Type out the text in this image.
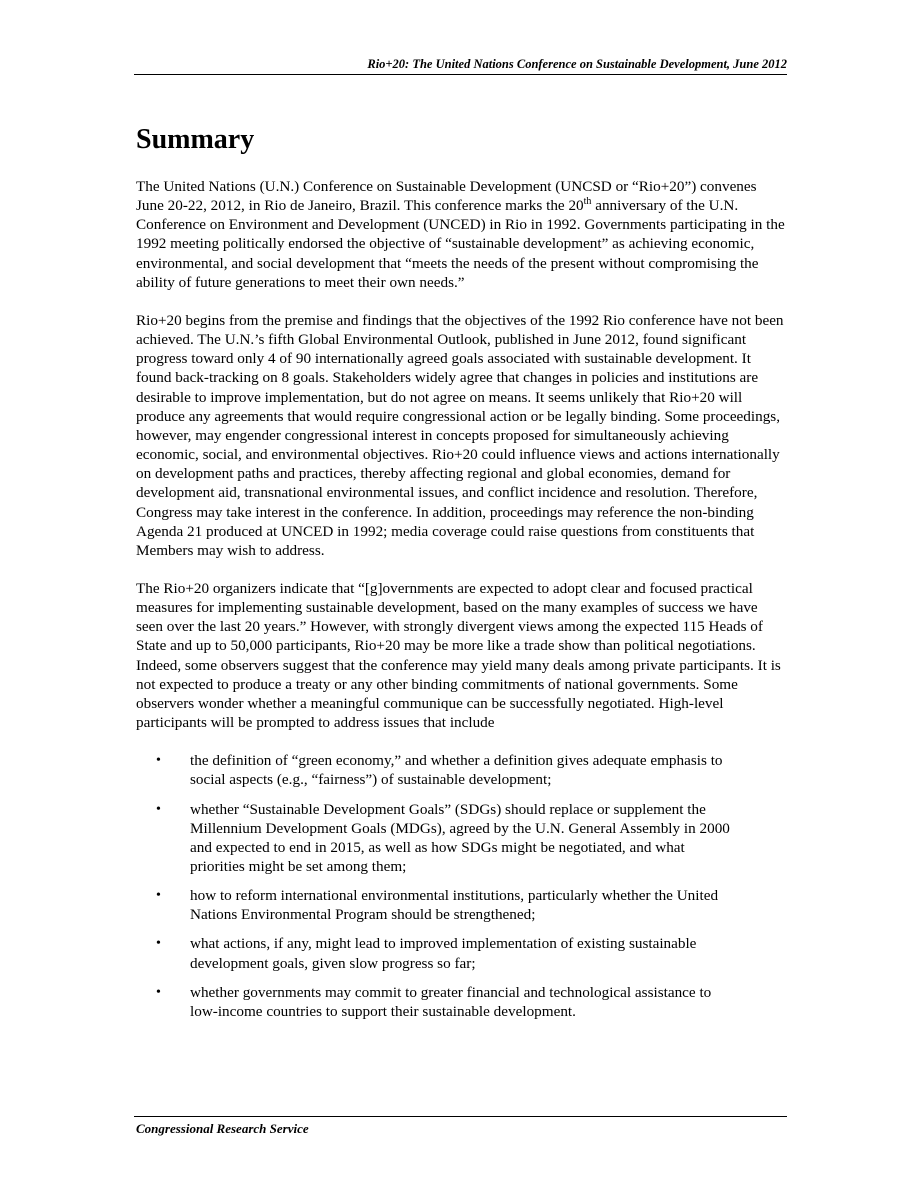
Rio+20: The United Nations Conference on Sustainable Development, June 2012
Summary

The United Nations (U.N.) Conference on Sustainable Development (UNCSD or “Rio+20”) convenes June 20-22, 2012, in Rio de Janeiro, Brazil. This conference marks the 20th anniversary of the U.N. Conference on Environment and Development (UNCED) in Rio in 1992. Governments participating in the 1992 meeting politically endorsed the objective of “sustainable development” as achieving economic, environmental, and social development that “meets the needs of the present without compromising the ability of future generations to meet their own needs.”

Rio+20 begins from the premise and findings that the objectives of the 1992 Rio conference have not been achieved. The U.N.’s fifth Global Environmental Outlook, published in June 2012, found significant progress toward only 4 of 90 internationally agreed goals associated with sustainable development. It found back-tracking on 8 goals. Stakeholders widely agree that changes in policies and institutions are desirable to improve implementation, but do not agree on means. It seems unlikely that Rio+20 will produce any agreements that would require congressional action or be legally binding. Some proceedings, however, may engender congressional interest in concepts proposed for simultaneously achieving economic, social, and environmental objectives. Rio+20 could influence views and actions internationally on development paths and practices, thereby affecting regional and global economies, demand for development aid, transnational environmental issues, and conflict incidence and resolution. Therefore, Congress may take interest in the conference. In addition, proceedings may reference the non-binding Agenda 21 produced at UNCED in 1992; media coverage could raise questions from constituents that Members may wish to address.

The Rio+20 organizers indicate that “[g]overnments are expected to adopt clear and focused practical measures for implementing sustainable development, based on the many examples of success we have seen over the last 20 years.” However, with strongly divergent views among the expected 115 Heads of State and up to 50,000 participants, Rio+20 may be more like a trade show than political negotiations. Indeed, some observers suggest that the conference may yield many deals among private participants. It is not expected to produce a treaty or any other binding commitments of national governments. Some observers wonder whether a meaningful communique can be successfully negotiated. High-level participants will be prompted to address issues that include

• the definition of “green economy,” and whether a definition gives adequate emphasis to social aspects (e.g., “fairness”) of sustainable development;
• whether “Sustainable Development Goals” (SDGs) should replace or supplement the Millennium Development Goals (MDGs), agreed by the U.N. General Assembly in 2000 and expected to end in 2015, as well as how SDGs might be negotiated, and what priorities might be set among them;
• how to reform international environmental institutions, particularly whether the United Nations Environmental Program should be strengthened;
• what actions, if any, might lead to improved implementation of existing sustainable development goals, given slow progress so far;
• whether governments may commit to greater financial and technological assistance to low-income countries to support their sustainable development.
Congressional Research Service
